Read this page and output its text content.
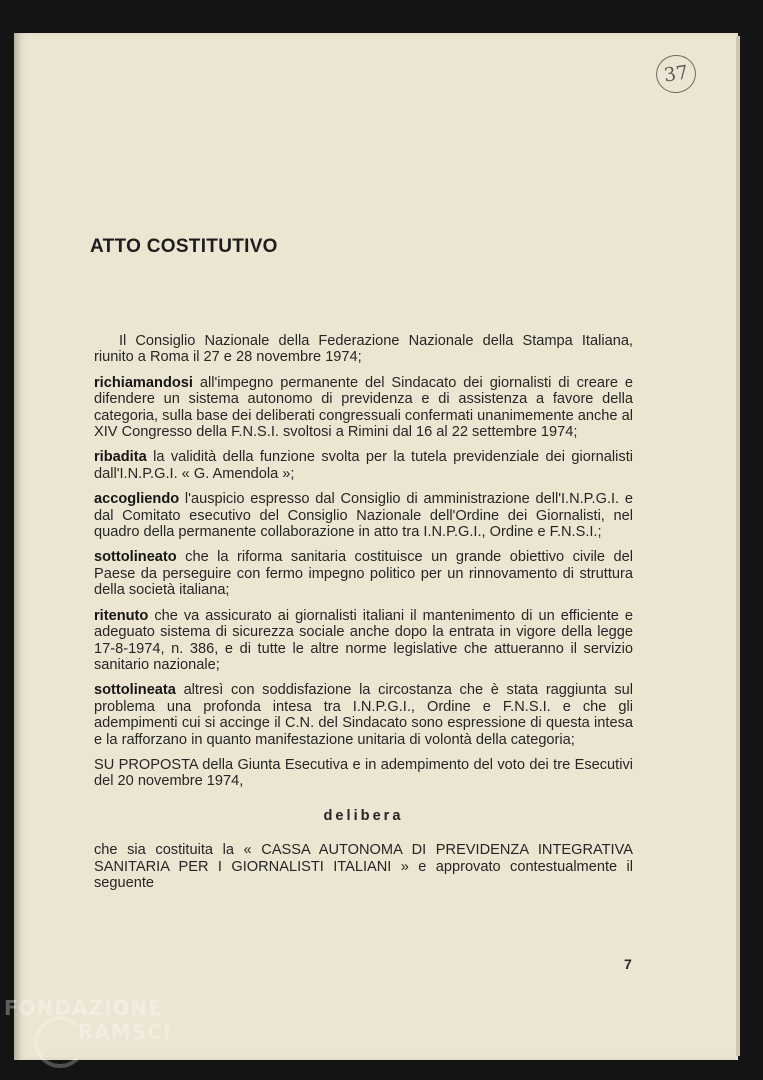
37
ATTO COSTITUTIVO

Il Consiglio Nazionale della Federazione Nazionale della Stampa Italiana, riunito a Roma il 27 e 28 novembre 1974;

richiamandosi all'impegno permanente del Sindacato dei giornalisti di creare e difendere un sistema autonomo di previdenza e di assistenza a favore della categoria, sulla base dei deliberati congressuali confermati unanimemente anche al XIV Congresso della F.N.S.I. svoltosi a Rimini dal 16 al 22 settembre 1974;

ribadita la validità della funzione svolta per la tutela previdenziale dei giornalisti dall'I.N.P.G.I. « G. Amendola »;

accogliendo l'auspicio espresso dal Consiglio di amministrazione dell'I.N.P.G.I. e dal Comitato esecutivo del Consiglio Nazionale dell'Ordine dei Giornalisti, nel quadro della permanente collaborazione in atto tra I.N.P.G.I., Ordine e F.N.S.I.;

sottolineato che la riforma sanitaria costituisce un grande obiettivo civile del Paese da perseguire con fermo impegno politico per un rinnovamento di struttura della società italiana;

ritenuto che va assicurato ai giornalisti italiani il mantenimento di un efficiente e adeguato sistema di sicurezza sociale anche dopo la entrata in vigore della legge 17-8-1974, n. 386, e di tutte le altre norme legislative che attueranno il servizio sanitario nazionale;

sottolineata altresì con soddisfazione la circostanza che è stata raggiunta sul problema una profonda intesa tra I.N.P.G.I., Ordine e F.N.S.I. e che gli adempimenti cui si accinge il C.N. del Sindacato sono espressione di questa intesa e la rafforzano in quanto manifestazione unitaria di volontà della categoria;

SU PROPOSTA della Giunta Esecutiva e in adempimento del voto dei tre Esecutivi del 20 novembre 1974,

delibera

che sia costituita la « CASSA AUTONOMA DI PREVIDENZA INTEGRATIVA SANITARIA PER I GIORNALISTI ITALIANI » e approvato contestualmente il seguente

7
FONDAZIONE
RAMSCI
